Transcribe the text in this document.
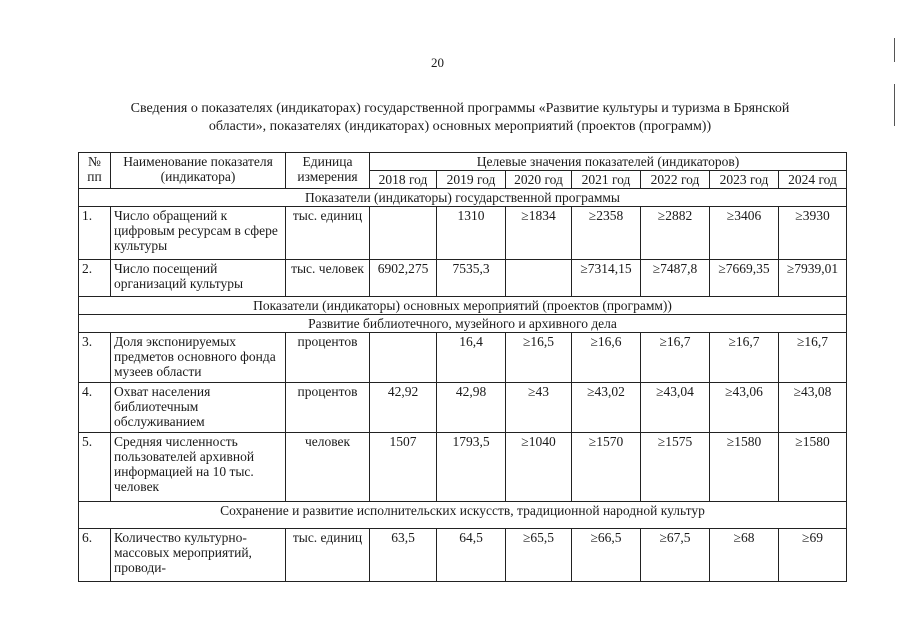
20
Сведения о показателях (индикаторах) государственной программы «Развитие культуры и туризма в Брянской
области», показателях (индикаторах) основных мероприятий (проектов (программ))
№
пп	Наименование показателя (индикатора)	Единица измерения	Целевые значения показателей (индикаторов)						
			2018 год	2019 год	2020 год	2021 год	2022 год	2023 год	2024 год
Показатели (индикаторы) государственной программы									
1.	Число обращений к цифровым ресурсам в сфере культуры	тыс. единиц		1310	≥1834	≥2358	≥2882	≥3406	≥3930
2.	Число посещений организаций культуры	тыс. человек	6902,275	7535,3		≥7314,15	≥7487,8	≥7669,35	≥7939,01
Показатели (индикаторы) основных мероприятий (проектов (программ))									
Развитие библиотечного, музейного и архивного дела									
3.	Доля экспонируемых предметов основного фонда музеев области	процентов		16,4	≥16,5	≥16,6	≥16,7	≥16,7	≥16,7
4.	Охват населения библиотечным обслуживанием	процентов	42,92	42,98	≥43	≥43,02	≥43,04	≥43,06	≥43,08
5.	Средняя численность пользователей архивной информацией на 10 тыс. человек	человек	1507	1793,5	≥1040	≥1570	≥1575	≥1580	≥1580
Сохранение и развитие исполнительских искусств, традиционной народной культур									
6.	Количество культурно-массовых мероприятий, проводи-	тыс. единиц	63,5	64,5	≥65,5	≥66,5	≥67,5	≥68	≥69
